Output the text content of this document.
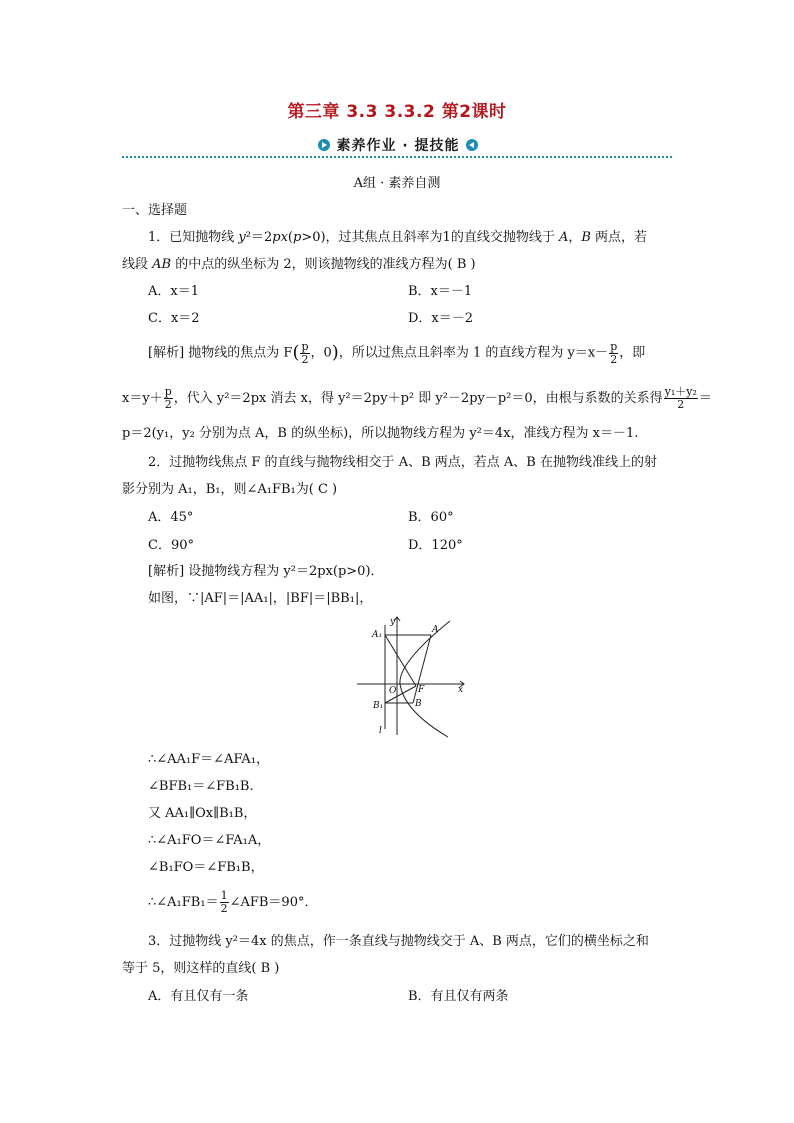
第三章 3.3 3.3.2 第2课时
素养作业 · 提技能
A组 · 素养自测
一、选择题
1．已知抛物线 y²＝2px(p>0)，过其焦点且斜率为1的直线交抛物线于 A，B 两点，若
线段 AB 的中点的纵坐标为 2，则该抛物线的准线方程为( B )
A．x＝1	B．x＝－1
C．x＝2	D．x＝－2
[解析] 抛物线的焦点为 $F( \frac{p}{2}$ ，0)，所以过焦点且斜率为 1 的直线方程为 $y=x- \frac{p}{2}$ ，即
$x=y+ \frac{p}{2}$ ，代入 y²＝2px 消去 x，得 y²＝2py＋p² 即 y²－2py－p²＝0，由根与系数的关系得 $\frac{\text{y₁＋y₂}}{2}$ ＝
p＝2(y₁，y₂ 分别为点 A，B 的纵坐标)，所以抛物线方程为 y²＝4x，准线方程为 x＝－1.
2．过抛物线焦点 F 的直线与抛物线相交于 A、B 两点，若点 A、B 在抛物线准线上的射
影分别为 A₁，B₁，则∠A₁FB₁为( C )
A．45°	B．60°
C．90°	D．120°
[解析] 设抛物线方程为 y²＝2px(p>0)．
如图，∵|AF|＝|AA₁|，|BF|＝|BB₁|，
A₁	A
y
x
O F
B₁	B
l
∴∠AA₁F＝∠AFA₁，
∠BFB₁＝∠FB₁B.
又 AA₁∥Ox∥B₁B，
∴∠A₁FO＝∠FA₁A，
∠B₁FO＝∠FB₁B，
∴∠A₁FB₁＝ $\frac{1}{2}$ ∠AFB＝90°．
3．过抛物线 y²＝4x 的焦点，作一条直线与抛物线交于 A、B 两点，它们的横坐标之和
等于 5，则这样的直线( B )
A．有且仅有一条	B．有且仅有两条
